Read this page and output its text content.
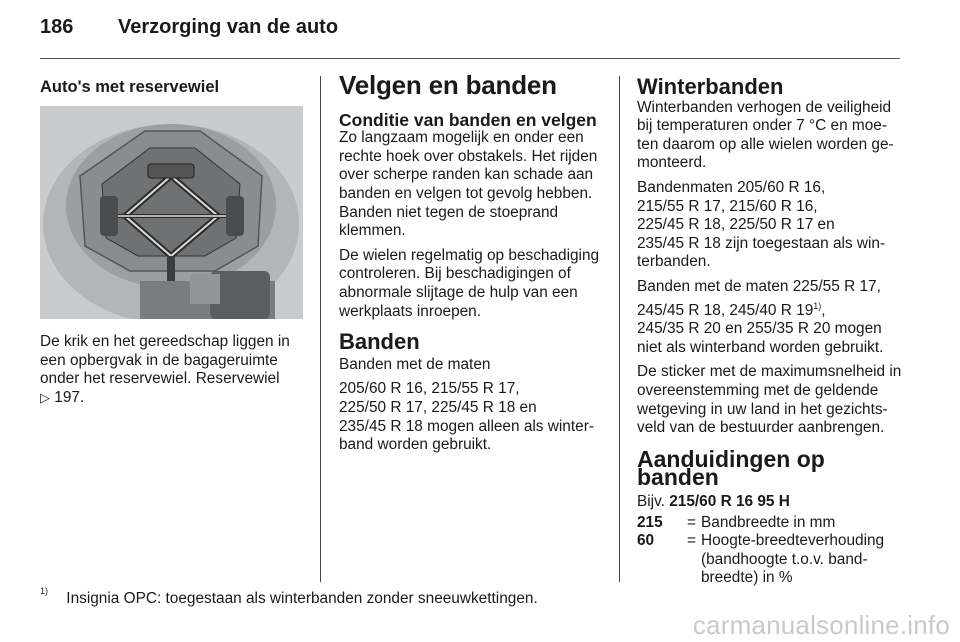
186 Verzorging van de auto
Auto's met reservewiel

De krik en het gereedschap liggen in een opbergvak in de bagageruimte onder het reservewiel. Reservewiel
▷ 197.

Velgen en banden
Conditie van banden en velgen

Zo langzaam mogelijk en onder een rechte hoek over obstakels. Het rijden over scherpe randen kan schade aan banden en velgen tot gevolg hebben. Banden niet tegen de stoeprand klemmen.

De wielen regelmatig op beschadiging controleren. Bij beschadigingen of abnormale slijtage de hulp van een werkplaats inroepen.

Banden

Banden met de maten

205/60 R 16, 215/55 R 17,
225/50 R 17, 225/45 R 18 en
235/45 R 18 mogen alleen als winterband worden gebruikt.

Winterbanden

Winterbanden verhogen de veiligheid bij temperaturen onder 7 °C en moeten daarom op alle wielen worden gemonteerd.

Bandenmaten 205/60 R 16,
215/55 R 17, 215/60 R 16,
225/45 R 18, 225/50 R 17 en
235/45 R 18 zijn toegestaan als winterbanden.

Banden met de maten 225/55 R 17,
245/45 R 18, 245/40 R 19$^{1)}$,
245/35 R 20 en 255/35 R 20 mogen niet als winterband worden gebruikt.

De sticker met de maximumsnelheid in overeenstemming met de geldende wetgeving in uw land in het gezichtsveld van de bestuurder aanbrengen.

Aanduidingen op banden

Bijv. 215/60 R 16 95 H

215	= Bandbreedte in mm
60	= Hoogte-breedteverhouding (bandhoogte t.o.v. bandbreedte) in %
$^{1)}$ Insignia OPC: toegestaan als winterbanden zonder sneeuwkettingen.
carmanualsonline.info
